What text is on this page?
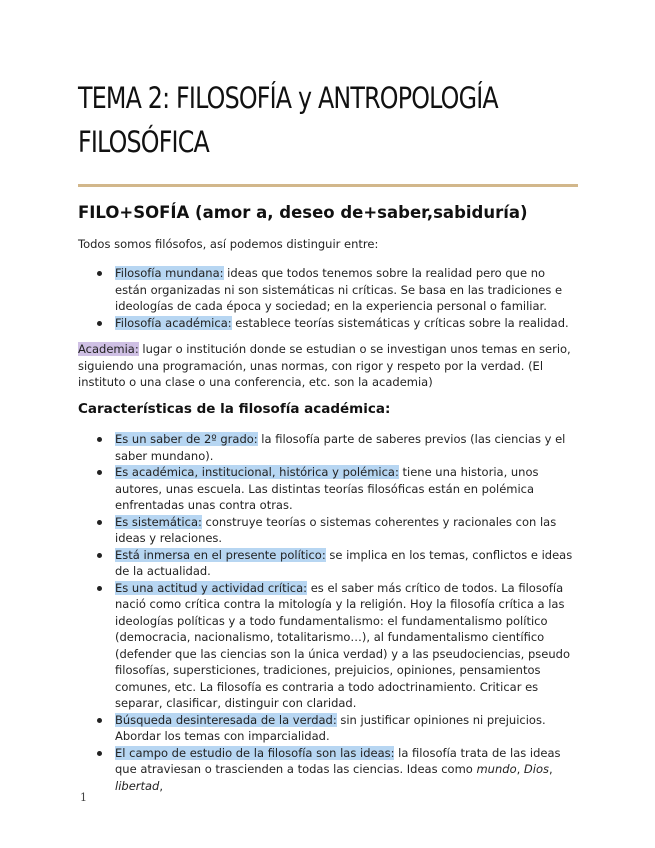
TEMA 2: FILOSOFÍA y ANTROPOLOGÍA FILOSÓFICA
FILO+SOFÍA (amor a, deseo de+saber,sabiduría)

Todos somos filósofos, así podemos distinguir entre:

Filosofía mundana: ideas que todos tenemos sobre la realidad pero que no están organizadas ni son sistemáticas ni críticas. Se basa en las tradiciones e ideologías de cada época y sociedad; en la experiencia personal o familiar.
Filosofía académica: establece teorías sistemáticas y críticas sobre la realidad.

Academia: lugar o institución donde se estudian o se investigan unos temas en serio, siguiendo una programación, unas normas, con rigor y respeto por la verdad. (El instituto o una clase o una conferencia, etc. son la academia)

Características de la filosofía académica:
Es un saber de 2º grado: la filosofía parte de saberes previos (las ciencias y el saber mundano).
Es académica, institucional, histórica y polémica: tiene una historia, unos autores, unas escuela. Las distintas teorías filosóficas están en polémica enfrentadas unas contra otras.
Es sistemática: construye teorías o sistemas coherentes y racionales con las ideas y relaciones.
Está inmersa en el presente político: se implica en los temas, conflictos e ideas de la actualidad.
Es una actitud y actividad crítica: es el saber más crítico de todos. La filosofía nació como crítica contra la mitología y la religión. Hoy la filosofía crítica a las ideologías políticas y a todo fundamentalismo: el fundamentalismo político (democracia, nacionalismo, totalitarismo…), al fundamentalismo científico (defender que las ciencias son la única verdad) y a las pseudociencias, pseudo filosofías, supersticiones, tradiciones, prejuicios, opiniones, pensamientos comunes, etc. La filosofía es contraria a todo adoctrinamiento. Criticar es separar, clasificar, distinguir con claridad.
Búsqueda desinteresada de la verdad: sin justificar opiniones ni prejuicios. Abordar los temas con imparcialidad.
El campo de estudio de la filosofía son las ideas: la filosofía trata de las ideas que atraviesan o trascienden a todas las ciencias. Ideas como mundo, Dios, libertad,
1
